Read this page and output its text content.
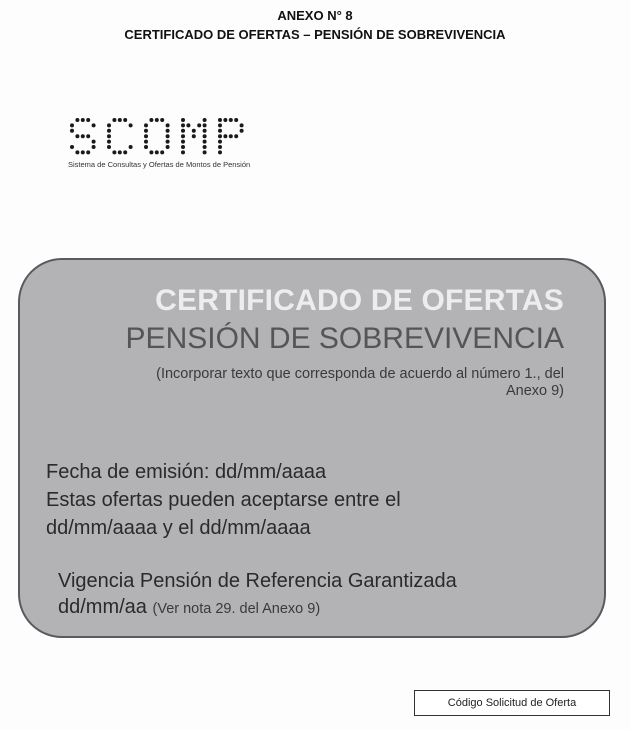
ANEXO N° 8
CERTIFICADO DE OFERTAS – PENSIÓN DE SOBREVIVENCIA
Sistema de Consultas y Ofertas de Montos de Pensión
CERTIFICADO DE OFERTAS
PENSIÓN DE SOBREVIVENCIA
(Incorporar texto que corresponda de acuerdo al número 1., del
Anexo 9)
Fecha de emisión: dd/mm/aaaa
Estas ofertas pueden aceptarse entre el
dd/mm/aaaa y el dd/mm/aaaa
Vigencia Pensión de Referencia Garantizada
dd/mm/aa (Ver nota 29. del Anexo 9)
Código Solicitud de Oferta
